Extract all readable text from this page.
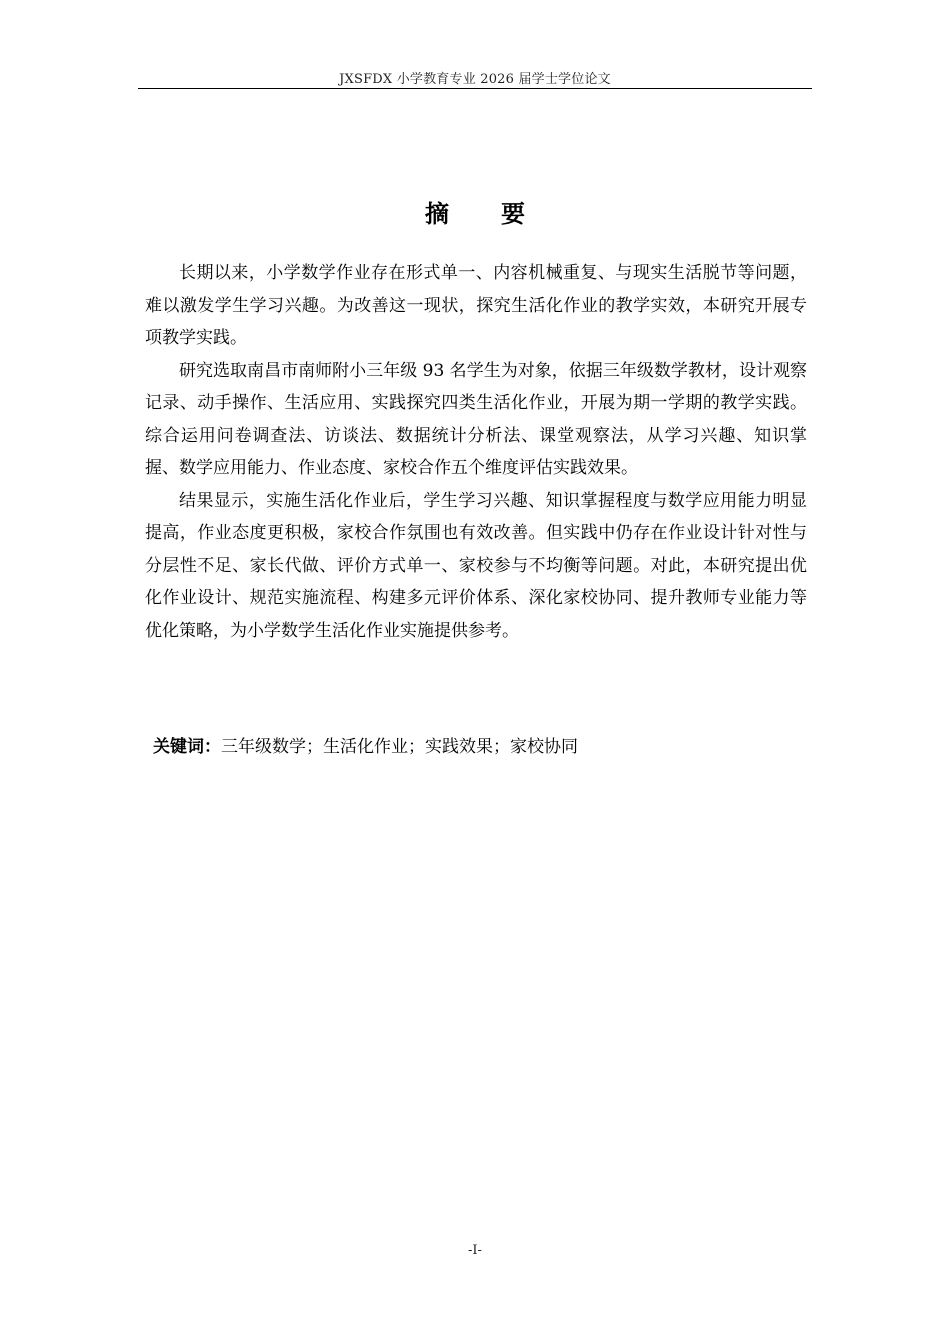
JXSFDX 小学教育专业 2026 届学士学位论文
摘　要

长期以来，小学数学作业存在形式单一、内容机械重复、与现实生活脱节等问题，难以激发学生学习兴趣。为改善这一现状，探究生活化作业的教学实效，本研究开展专项教学实践。

研究选取南昌市南师附小三年级 93 名学生为对象，依据三年级数学教材，设计观察记录、动手操作、生活应用、实践探究四类生活化作业，开展为期一学期的教学实践。综合运用问卷调查法、访谈法、数据统计分析法、课堂观察法，从学习兴趣、知识掌握、数学应用能力、作业态度、家校合作五个维度评估实践效果。

结果显示，实施生活化作业后，学生学习兴趣、知识掌握程度与数学应用能力明显提高，作业态度更积极，家校合作氛围也有效改善。但实践中仍存在作业设计针对性与分层性不足、家长代做、评价方式单一、家校参与不均衡等问题。对此，本研究提出优化作业设计、规范实施流程、构建多元评价体系、深化家校协同、提升教师专业能力等优化策略，为小学数学生活化作业实施提供参考。

关键词：三年级数学；生活化作业；实践效果；家校协同
-I-
